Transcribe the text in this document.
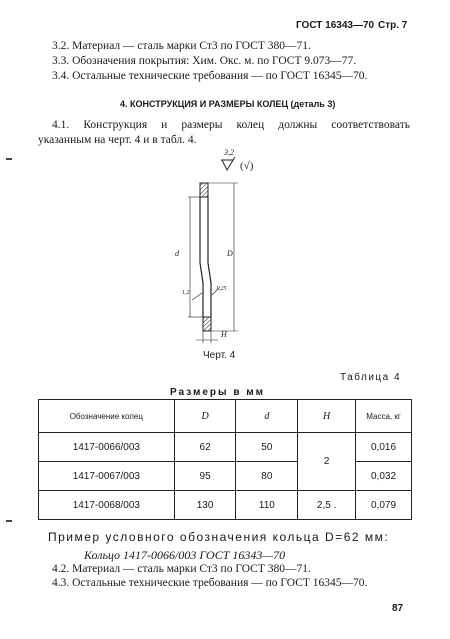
ГОСТ 16343—70 Стр. 7
3.2. Материал — сталь марки Ст3 по ГОСТ 380—71.
3.3. Обозначения покрытия: Хим. Окс. м. по ГОСТ 9.073—77.
3.4. Остальные технические требования — по ГОСТ 16345—70.
4. КОНСТРУКЦИЯ И РАЗМЕРЫ КОЛЕЦ (деталь 3)
4.1. Конструкция и размеры колец должны соответствовать
указанным на черт. 4 и в табл. 4.
3,2
(√)
d	D
1,2
1,25
H
Черт. 4
Таблица 4
Размеры в мм
Обозначение колец	D	d	H	Масса, кг
1417-0066/003	62	50	2	0,016
1417-0067/003	95	80		0,032
1417-0068/003	130	110	2,5 .	0,079
Пример условного обозначения кольца D=62 мм:
Кольцо 1417-0066/003 ГОСТ 16343—70
4.2. Материал — сталь марки Ст3 по ГОСТ 380—71.
4.3. Остальные технические требования — по ГОСТ 16345—70.
87
